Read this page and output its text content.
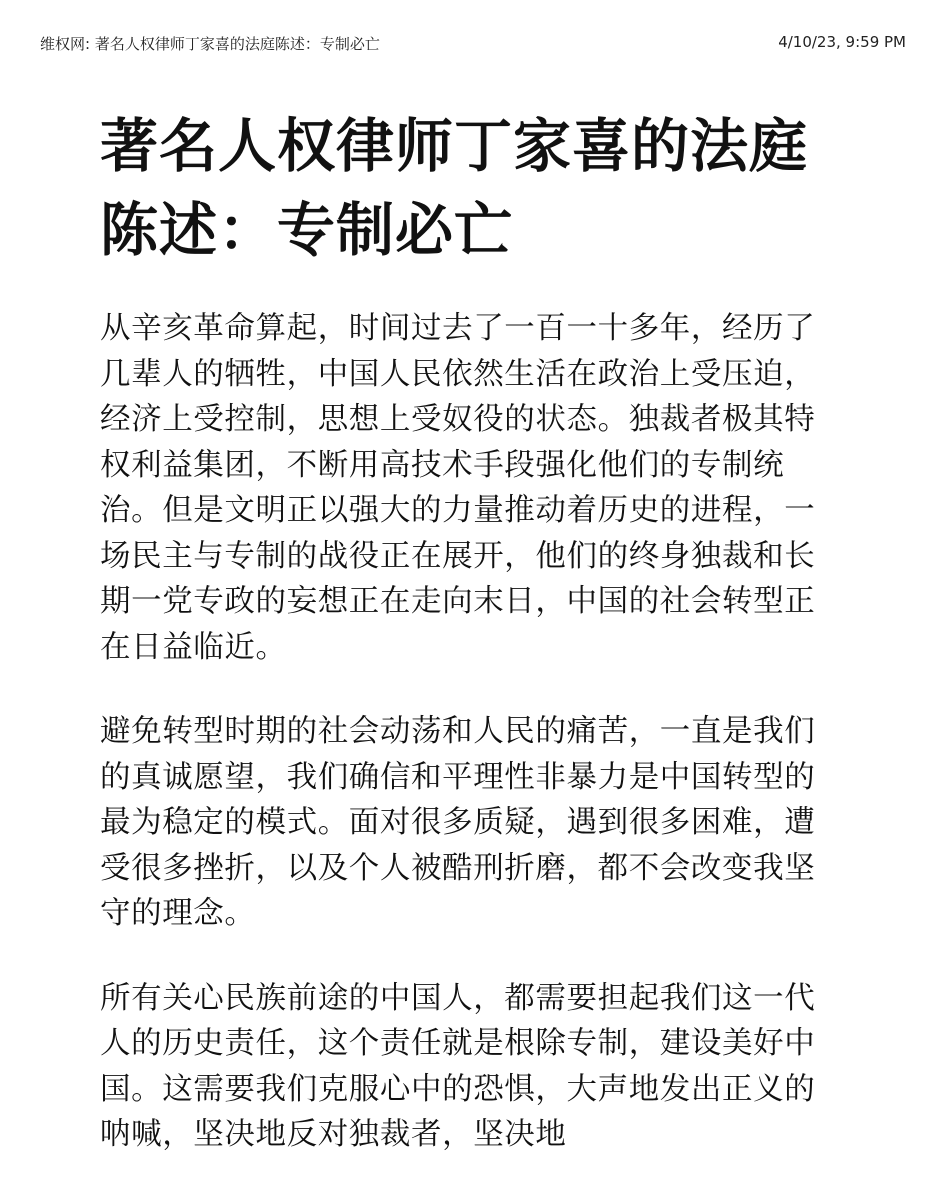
维权网: 著名人权律师丁家喜的法庭陈述：专制必亡	4/10/23, 9:59 PM
著名人权律师丁家喜的法庭陈述：专制必亡

从辛亥革命算起，时间过去了一百一十多年，经历了几辈人的牺牲，中国人民依然生活在政治上受压迫，经济上受控制，思想上受奴役的状态。独裁者极其特权利益集团，不断用高技术手段强化他们的专制统治。但是文明正以强大的力量推动着历史的进程，一场民主与专制的战役正在展开，他们的终身独裁和长期一党专政的妄想正在走向末日，中国的社会转型正在日益临近。

避免转型时期的社会动荡和人民的痛苦，一直是我们的真诚愿望，我们确信和平理性非暴力是中国转型的最为稳定的模式。面对很多质疑，遇到很多困难，遭受很多挫折，以及个人被酷刑折磨，都不会改变我坚守的理念。

所有关心民族前途的中国人，都需要担起我们这一代人的历史责任，这个责任就是根除专制，建设美好中国。这需要我们克服心中的恐惧，大声地发出正义的呐喊，坚决地反对独裁者，坚决地
